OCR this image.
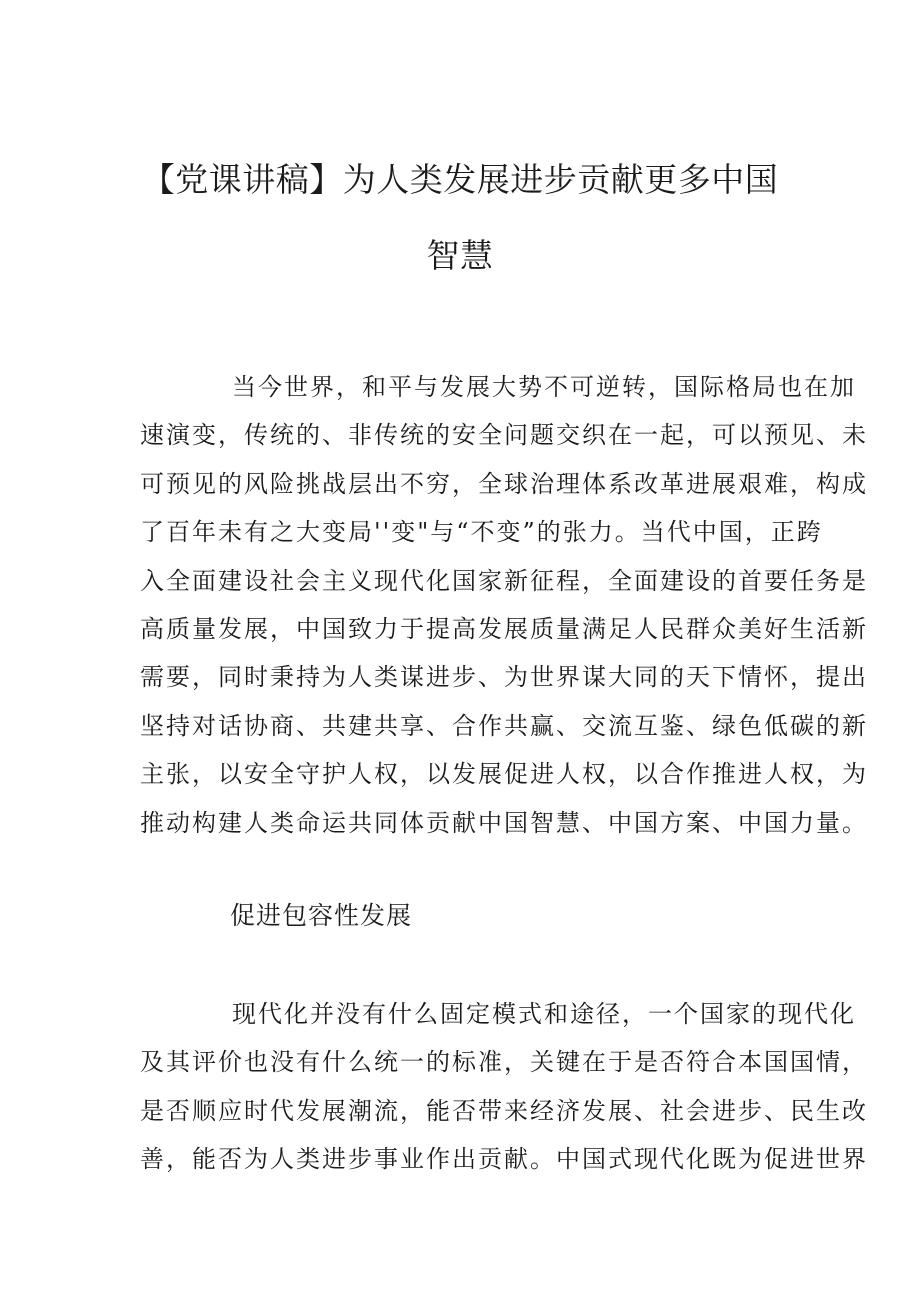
【党课讲稿】为人类发展进步贡献更多中国
智慧
当今世界，和平与发展大势不可逆转，国际格局也在加
速演变，传统的、非传统的安全问题交织在一起，可以预见、未
可预见的风险挑战层出不穷，全球治理体系改革进展艰难，构成
了百年未有之大变局''变"与“不变”的张力。当代中国，正跨
入全面建设社会主义现代化国家新征程，全面建设的首要任务是
高质量发展，中国致力于提高发展质量满足人民群众美好生活新
需要，同时秉持为人类谋进步、为世界谋大同的天下情怀，提出
坚持对话协商、共建共享、合作共赢、交流互鉴、绿色低碳的新
主张，以安全守护人权，以发展促进人权，以合作推进人权，为
推动构建人类命运共同体贡献中国智慧、中国方案、中国力量。
促进包容性发展
现代化并没有什么固定模式和途径，一个国家的现代化
及其评价也没有什么统一的标准，关键在于是否符合本国国情，
是否顺应时代发展潮流，能否带来经济发展、社会进步、民生改
善，能否为人类进步事业作出贡献。中国式现代化既为促进世界
